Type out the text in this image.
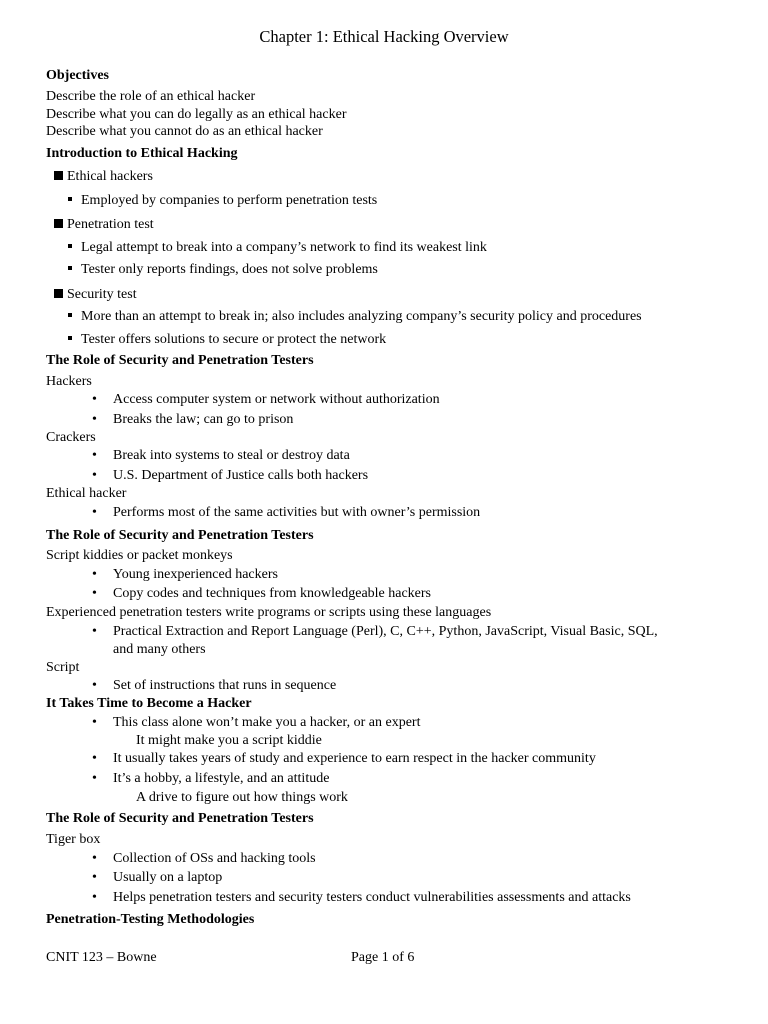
Chapter 1: Ethical Hacking Overview
Objectives
Describe the role of an ethical hacker
Describe what you can do legally as an ethical hacker
Describe what you cannot do as an ethical hacker
Introduction to Ethical Hacking
Ethical hackers
Employed by companies to perform penetration tests
Penetration test
Legal attempt to break into a company’s network to find its weakest link
Tester only reports findings, does not solve problems
Security test
More than an attempt to break in; also includes analyzing company’s security policy and procedures
Tester offers solutions to secure or protect the network
The Role of Security and Penetration Testers
Hackers
• Access computer system or network without authorization
• Breaks the law; can go to prison
Crackers
• Break into systems to steal or destroy data
• U.S. Department of Justice calls both hackers
Ethical hacker
• Performs most of the same activities but with owner’s permission
The Role of Security and Penetration Testers
Script kiddies or packet monkeys
• Young inexperienced hackers
• Copy codes and techniques from knowledgeable hackers
Experienced penetration testers write programs or scripts using these languages
• Practical Extraction and Report Language (Perl), C, C++, Python, JavaScript, Visual Basic, SQL,
and many others
Script
• Set of instructions that runs in sequence
It Takes Time to Become a Hacker
• This class alone won’t make you a hacker, or an expert
It might make you a script kiddie
• It usually takes years of study and experience to earn respect in the hacker community
• It’s a hobby, a lifestyle, and an attitude
A drive to figure out how things work
The Role of Security and Penetration Testers
Tiger box
• Collection of OSs and hacking tools
• Usually on a laptop
• Helps penetration testers and security testers conduct vulnerabilities assessments and attacks
Penetration-Testing Methodologies
CNIT 123 – Bowne	Page 1 of 6
